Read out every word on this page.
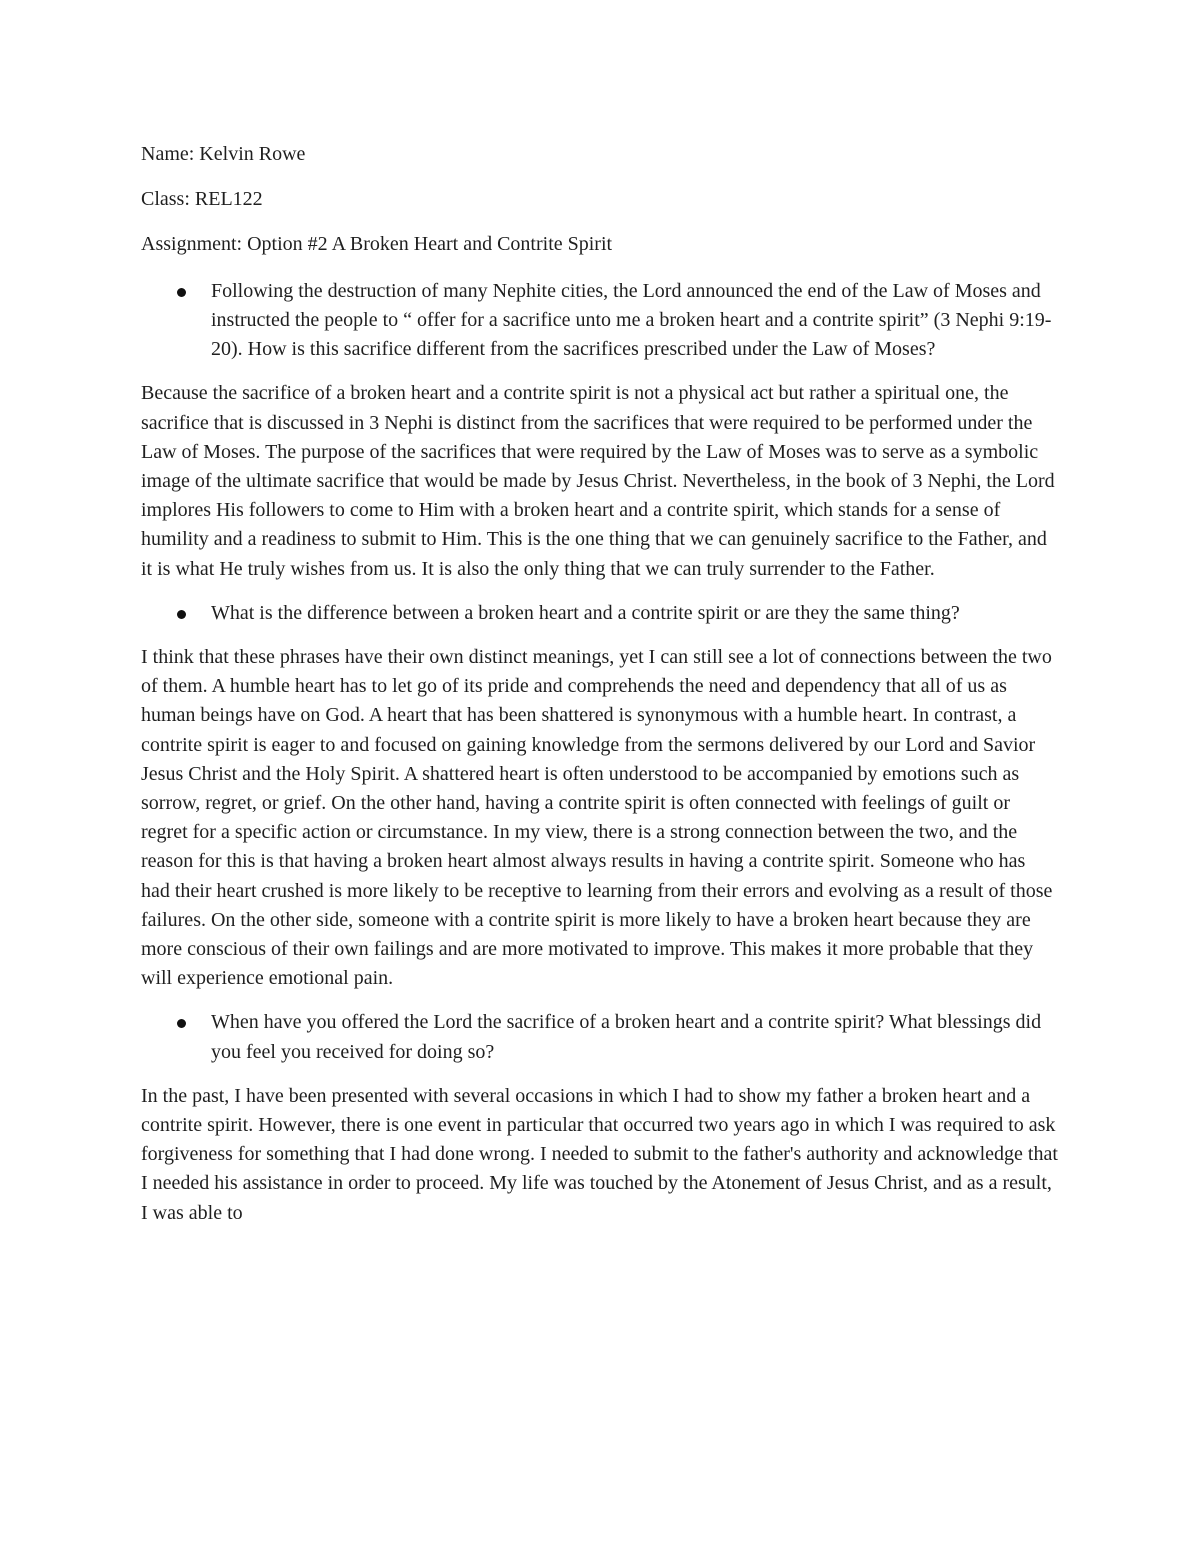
Name: Kelvin Rowe
Class: REL122
Assignment: Option #2 A Broken Heart and Contrite Spirit
Following the destruction of many Nephite cities, the Lord announced the end of the Law of Moses and instructed the people to “ offer for a sacrifice unto me a broken heart and a contrite spirit” (3 Nephi 9:19-20). How is this sacrifice different from the sacrifices prescribed under the Law of Moses?
Because the sacrifice of a broken heart and a contrite spirit is not a physical act but rather a spiritual one, the sacrifice that is discussed in 3 Nephi is distinct from the sacrifices that were required to be performed under the Law of Moses. The purpose of the sacrifices that were required by the Law of Moses was to serve as a symbolic image of the ultimate sacrifice that would be made by Jesus Christ. Nevertheless, in the book of 3 Nephi, the Lord implores His followers to come to Him with a broken heart and a contrite spirit, which stands for a sense of humility and a readiness to submit to Him. This is the one thing that we can genuinely sacrifice to the Father, and it is what He truly wishes from us. It is also the only thing that we can truly surrender to the Father.
What is the difference between a broken heart and a contrite spirit or are they the same thing?
I think that these phrases have their own distinct meanings, yet I can still see a lot of connections between the two of them. A humble heart has to let go of its pride and comprehends the need and dependency that all of us as human beings have on God. A heart that has been shattered is synonymous with a humble heart. In contrast, a contrite spirit is eager to and focused on gaining knowledge from the sermons delivered by our Lord and Savior Jesus Christ and the Holy Spirit. A shattered heart is often understood to be accompanied by emotions such as sorrow, regret, or grief. On the other hand, having a contrite spirit is often connected with feelings of guilt or regret for a specific action or circumstance. In my view, there is a strong connection between the two, and the reason for this is that having a broken heart almost always results in having a contrite spirit. Someone who has had their heart crushed is more likely to be receptive to learning from their errors and evolving as a result of those failures. On the other side, someone with a contrite spirit is more likely to have a broken heart because they are more conscious of their own failings and are more motivated to improve. This makes it more probable that they will experience emotional pain.
When have you offered the Lord the sacrifice of a broken heart and a contrite spirit? What blessings did you feel you received for doing so?
In the past, I have been presented with several occasions in which I had to show my father a broken heart and a contrite spirit. However, there is one event in particular that occurred two years ago in which I was required to ask forgiveness for something that I had done wrong. I needed to submit to the father's authority and acknowledge that I needed his assistance in order to proceed. My life was touched by the Atonement of Jesus Christ, and as a result, I was able to
